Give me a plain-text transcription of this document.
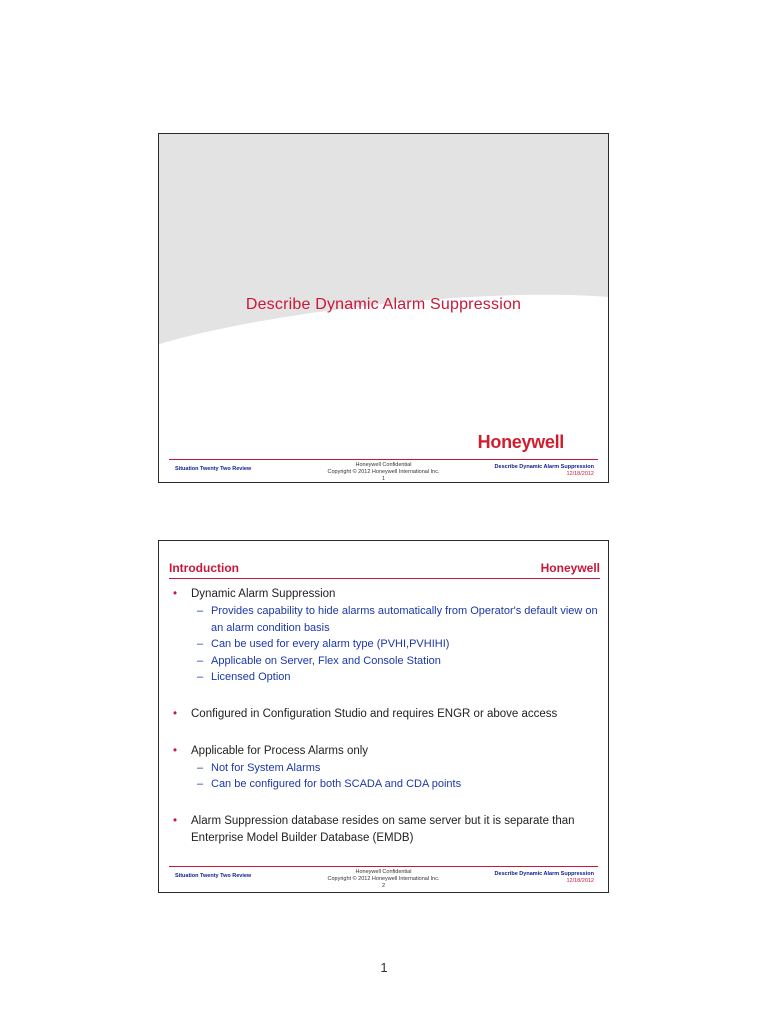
Describe Dynamic Alarm Suppression
Honeywell
Situation Twenty Two Review
Honeywell Confidential
Copyright © 2012 Honeywell International Inc.
1
Describe Dynamic Alarm Suppression
12/18/2012
Introduction	Honeywell
• Dynamic Alarm Suppression
– Provides capability to hide alarms automatically from Operator's default view on an alarm condition basis
– Can be used for every alarm type (PVHI,PVHIHI)
– Applicable on Server, Flex and Console Station
– Licensed Option
• Configured in Configuration Studio and requires ENGR or above access
• Applicable for Process Alarms only
– Not for System Alarms
– Can be configured for both SCADA and CDA points
• Alarm Suppression database resides on same server but it is separate than Enterprise Model Builder Database (EMDB)
Situation Twenty Two Review
Honeywell Confidential
Copyright © 2012 Honeywell International Inc.
2
Describe Dynamic Alarm Suppression
12/18/2012
1
